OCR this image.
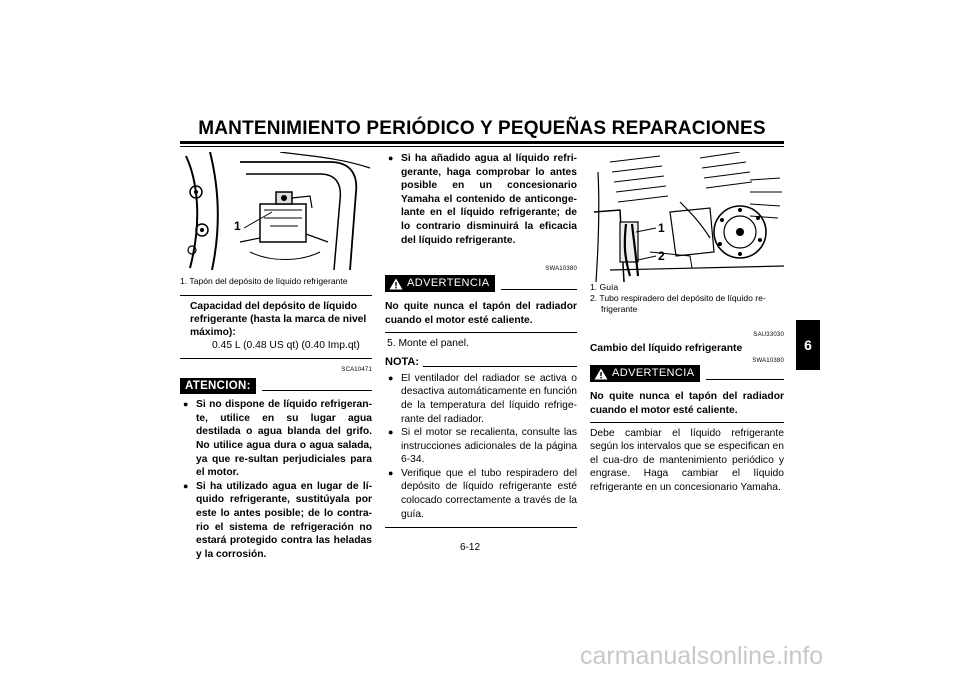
MANTENIMIENTO PERIÓDICO Y PEQUEÑAS REPARACIONES
6
1
1. Tapón del depósito de líquido refrigerante
Capacidad del depósito de líquido refrigerante (hasta la marca de nivel máximo):
0.45 L (0.48 US qt) (0.40 Imp.qt)
SCA10471
ATENCION:
● Si no dispone de líquido refrigeran-te, utilice en su lugar agua destilada o agua blanda del grifo. No utilice agua dura o agua salada, ya que re-sultan perjudiciales para el motor.
● Si ha utilizado agua en lugar de lí-quido refrigerante, sustitúyala por este lo antes posible; de lo contra-rio el sistema de refrigeración no estará protegido contra las heladas y la corrosión.
● Si ha añadido agua al líquido refri-gerante, haga comprobar lo antes posible en un concesionario Yamaha el contenido de anticonge-lante en el líquido refrigerante; de lo contrario disminuirá la eficacia del líquido refrigerante.
SWA10380
ADVERTENCIA
No quite nunca el tapón del radiador cuando el motor esté caliente.
5. Monte el panel.
NOTA:
● El ventilador del radiador se activa o desactiva automáticamente en función de la temperatura del líquido refrige-rante del radiador.
● Si el motor se recalienta, consulte las instrucciones adicionales de la página 6-34.
● Verifique que el tubo respiradero del depósito de líquido refrigerante esté colocado correctamente a través de la guía.
1
2
1. Guía
2. Tubo respiradero del depósito de líquido re-frigerante
SAU33030
Cambio del líquido refrigerante
SWA10380
ADVERTENCIA
No quite nunca el tapón del radiador cuando el motor esté caliente.
Debe cambiar el líquido refrigerante según los intervalos que se especifican en el cua-dro de mantenimiento periódico y engrase. Haga cambiar el líquido refrigerante en un concesionario Yamaha.
6-12
carmanualsonline.info
